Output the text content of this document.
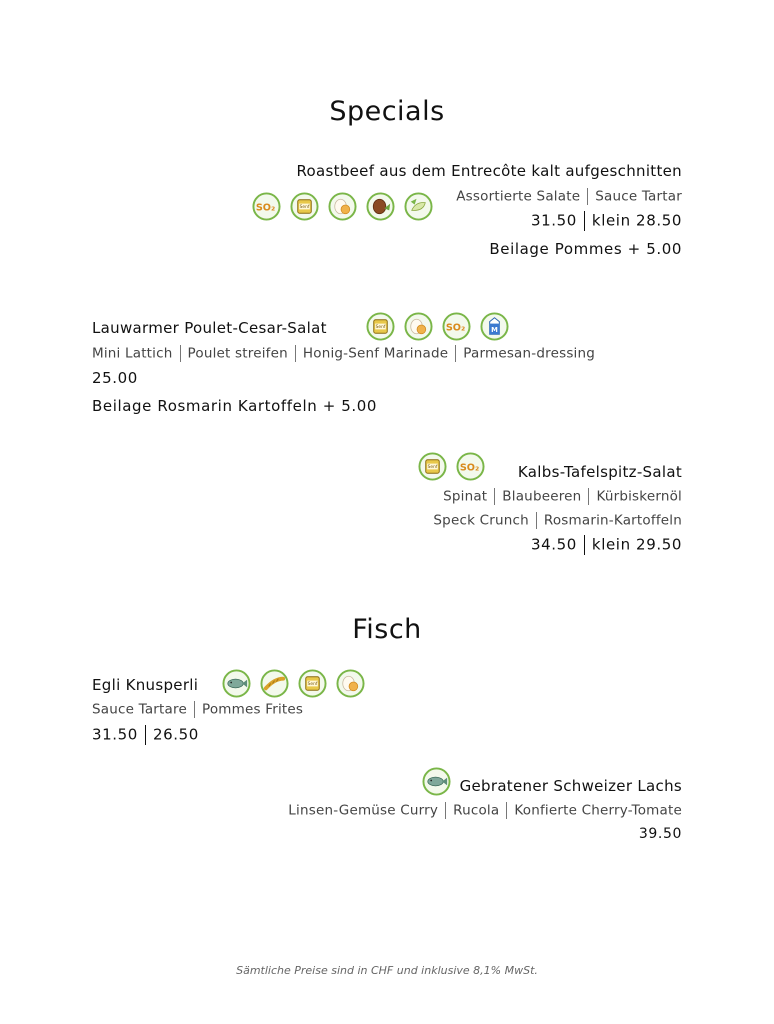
Specials
Roastbeef aus dem Entrecôte kalt aufgeschnitten
Assortierte Salate Sauce Tartar
31.50 klein 28.50
Beilage Pommes + 5.00
Lauwarmer Poulet-Cesar-Salat
Mini Lattich Poulet streifen Honig-Senf Marinade Parmesan-dressing
25.00
Beilage Rosmarin Kartoffeln + 5.00
Kalbs-Tafelspitz-Salat
Spinat Blaubeeren Kürbiskernöl
Speck Crunch Rosmarin-Kartoffeln
34.50 klein 29.50
Fisch
Egli Knusperli
Sauce Tartare Pommes Frites
31.50 26.50
Gebratener Schweizer Lachs
Linsen-Gemüse Curry Rucola Konfierte Cherry-Tomate
39.50
Sämtliche Preise sind in CHF und inklusive 8,1% MwSt.
